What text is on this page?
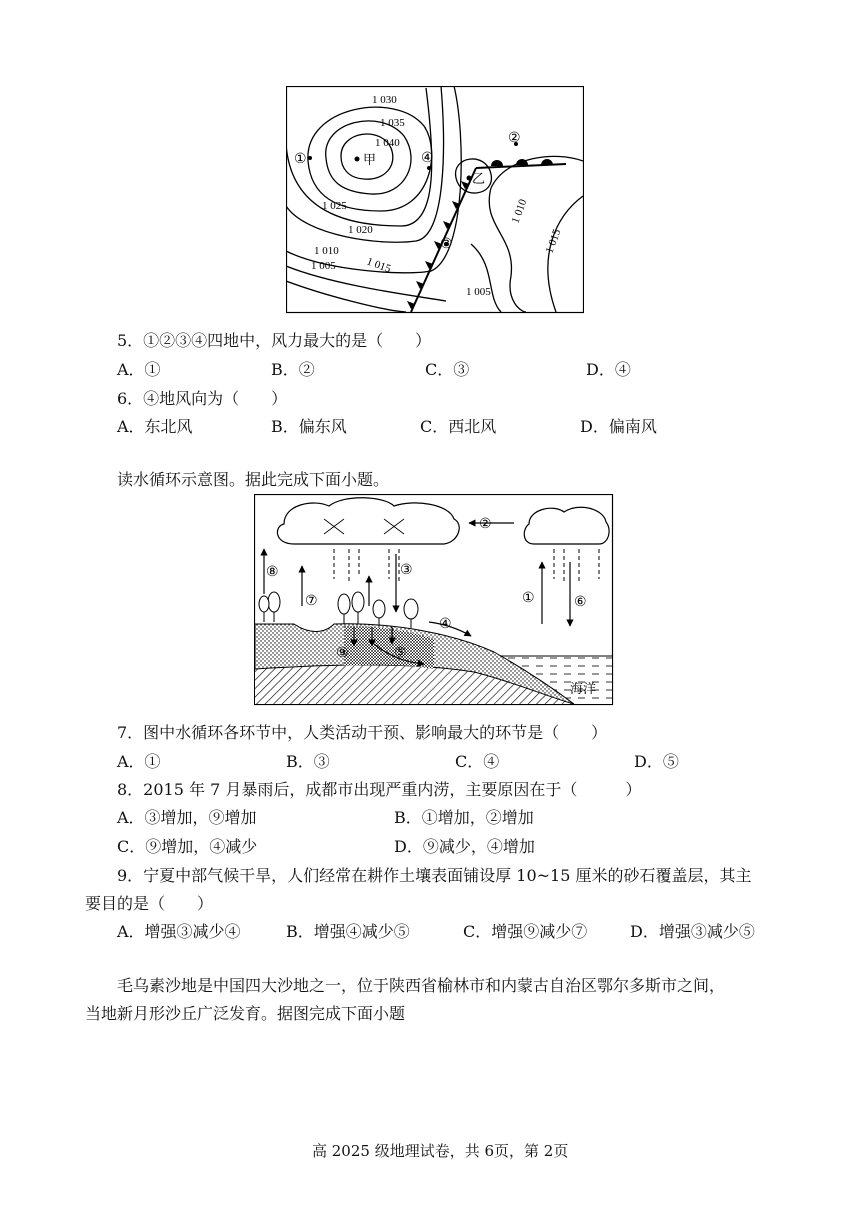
1 030
1 035
1 040
1 025
1 020
1 010
1 005	1 015
1 010
1 015
1 005
①
②
③
④
甲
乙
5．①②③④四地中，风力最大的是（　　）
A．①	B．②	C．③	D．④
6．④地风向为（　　）
A．东北风	B．偏东风	C．西北风	D．偏南风
读水循环示意图。据此完成下面小题。
②
③
①	⑥
⑧
⑦
④
⑨	⑤
海洋
7．图中水循环各环节中，人类活动干预、影响最大的环节是（　　）
A．①	B．③	C．④	D．⑤
8．2015 年 7 月暴雨后，成都市出现严重内涝，主要原因在于（　　　）
A．③增加，⑨增加	B．①增加，②增加
C．⑨增加，④减少	D．⑨减少，④增加
9．宁夏中部气候干旱，人们经常在耕作土壤表面铺设厚 10~15 厘米的砂石覆盖层，其主
要目的是（　　）
A．增强③减少④	B．增强④减少⑤	C．增强⑨减少⑦	D．增强③减少⑤
毛乌素沙地是中国四大沙地之一，位于陕西省榆林市和内蒙古自治区鄂尔多斯市之间，
当地新月形沙丘广泛发育。据图完成下面小题
高 2025 级地理试卷，共 6页，第 2页
